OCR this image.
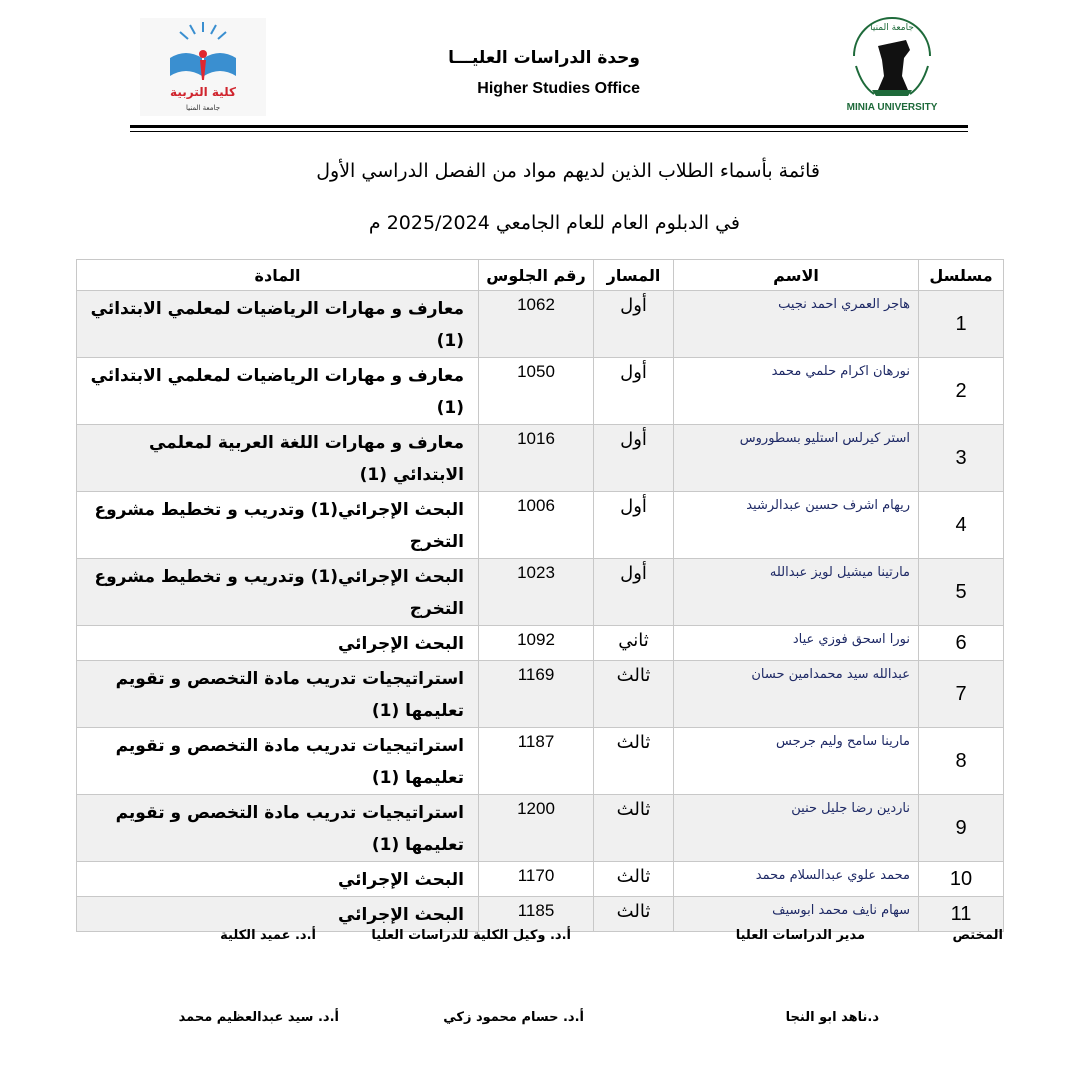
كلية التربية
جامعة المنيا
وحدة الدراسات العليـــا
Higher Studies Office
جامعة المنيا
MINIA UNIVERSITY
قائمة بأسماء الطلاب الذين لديهم مواد من الفصل الدراسي الأول
في الدبلوم العام للعام الجامعي 2025/2024 م
مسلسل	الاسم	المسار	رقم الجلوس	المادة
1	هاجر العمري احمد نجيب	أول	1062	معارف و مهارات الرياضيات لمعلمي الابتدائي (1)
2	نورهان اكرام حلمي محمد	أول	1050	معارف و مهارات الرياضيات لمعلمي الابتدائي (1)
3	استر كيرلس استليو بسطوروس	أول	1016	معارف و مهارات اللغة العربية لمعلمي الابتدائي (1)
4	ريهام اشرف حسين عبدالرشيد	أول	1006	البحث الإجرائي(1) وتدريب و تخطيط مشروع التخرج
5	مارتينا ميشيل لويز عبدالله	أول	1023	البحث الإجرائي(1) وتدريب و تخطيط مشروع التخرج
6	نورا اسحق فوزي عياد	ثاني	1092	البحث الإجرائي
7	عبدالله سيد محمدامين حسان	ثالث	1169	استراتيجيات تدريب مادة التخصص و تقويم تعليمها (1)
8	مارينا سامح وليم جرجس	ثالث	1187	استراتيجيات تدريب مادة التخصص و تقويم تعليمها (1)
9	ناردين رضا جليل حنين	ثالث	1200	استراتيجيات تدريب مادة التخصص و تقويم تعليمها (1)
10	محمد علوي عبدالسلام محمد	ثالث	1170	البحث الإجرائي
11	سهام نايف محمد ابوسيف	ثالث	1185	البحث الإجرائي
المختص
مدير الدراسات العليا
أ.د. وكيل الكلية للدراسات العليا
أ.د. عميد الكلية
د.ناهد ابو النجا
أ.د. حسام محمود زكي
أ.د. سيد عبدالعظيم محمد
